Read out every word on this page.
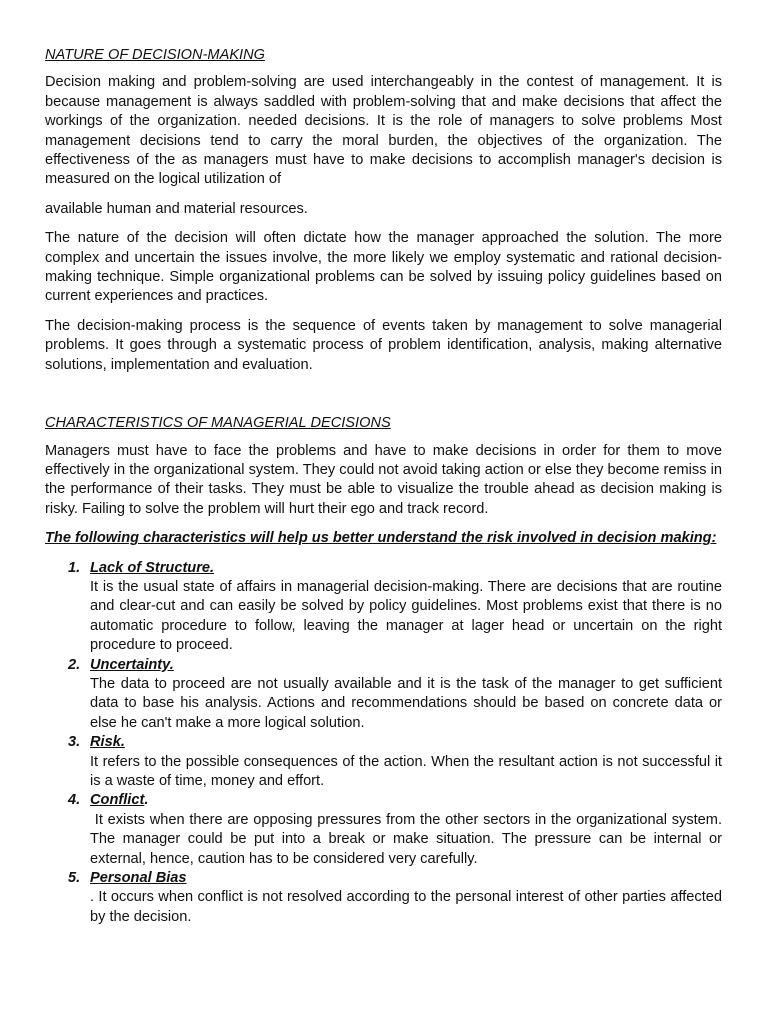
NATURE OF DECISION-MAKING

Decision making and problem-solving are used interchangeably in the contest of management. It is because management is always saddled with problem-solving that and make decisions that affect the workings of the organization. needed decisions. It is the role of managers to solve problems Most management decisions tend to carry the moral burden, the objectives of the organization. The effectiveness of the as managers must have to make decisions to accomplish manager's decision is measured on the logical utilization of

available human and material resources.

The nature of the decision will often dictate how the manager approached the solution. The more complex and uncertain the issues involve, the more likely we employ systematic and rational decision-making technique. Simple organizational problems can be solved by issuing policy guidelines based on current experiences and practices.

The decision-making process is the sequence of events taken by management to solve managerial problems. It goes through a systematic process of problem identification, analysis, making alternative solutions, implementation and evaluation.

CHARACTERISTICS OF MANAGERIAL DECISIONS

Managers must have to face the problems and have to make decisions in order for them to move effectively in the organizational system. They could not avoid taking action or else they become remiss in the performance of their tasks. They must be able to visualize the trouble ahead as decision making is risky. Failing to solve the problem will hurt their ego and track record.

The following characteristics will help us better understand the risk involved in decision making:
1. Lack of Structure.
It is the usual state of affairs in managerial decision-making. There are decisions that are routine and clear-cut and can easily be solved by policy guidelines. Most problems exist that there is no automatic procedure to follow, leaving the manager at lager head or uncertain on the right procedure to proceed.
2. Uncertainty.
The data to proceed are not usually available and it is the task of the manager to get sufficient data to base his analysis. Actions and recommendations should be based on concrete data or else he can't make a more logical solution.
3. Risk.
It refers to the possible consequences of the action. When the resultant action is not successful it is a waste of time, money and effort.
4. Conflict.
It exists when there are opposing pressures from the other sectors in the organizational system. The manager could be put into a break or make situation. The pressure can be internal or external, hence, caution has to be considered very carefully.
5. Personal Bias
. It occurs when conflict is not resolved according to the personal interest of other parties affected by the decision.
